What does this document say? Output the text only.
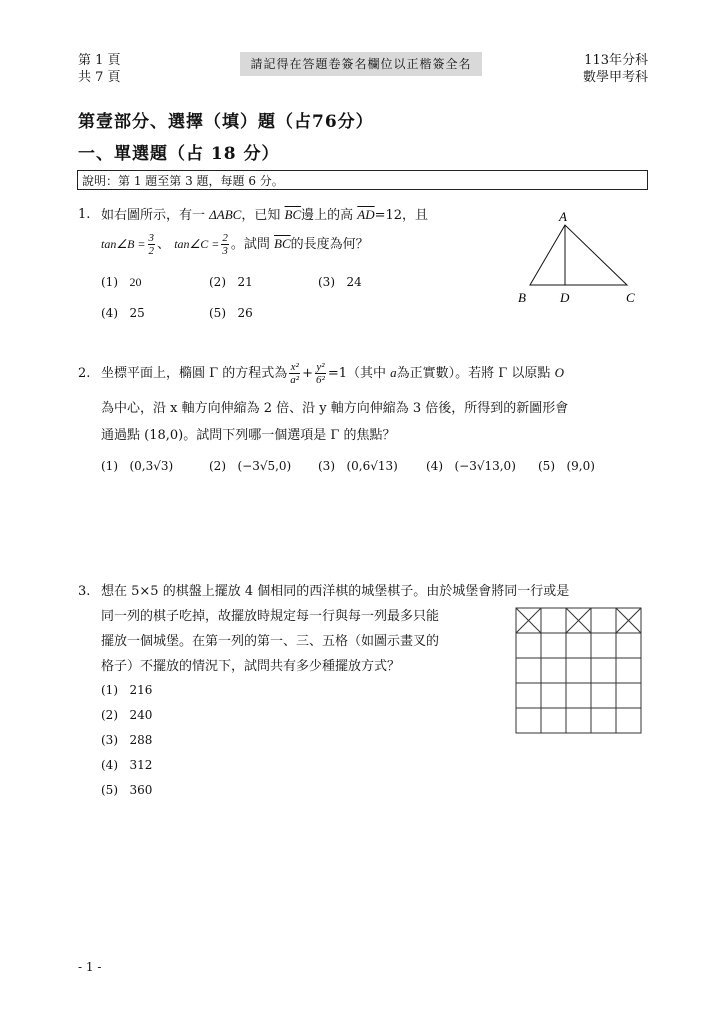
第 1 頁
共 7 頁
請記得在答題卷簽名欄位以正楷簽全名	113年分科
數學甲考科
第壹部分、選擇（填）題（占76分）
一、單選題（占 18 分）
說明：第 1 題至第 3 題，每題 6 分。
1. 如右圖所示，有一 ΔABC，已知 $\overline{BC}$邊上的高 $\overline{AD}=12$，且
tan∠B = $\frac{3}{2}$ 、 tan∠C = $\frac{2}{3}$ 。試問 $\overline{BC}$的長度為何？
(1) 20	(2) 21	(3) 24
(4) 25	(5) 26
A
B	D	C
2. 坐標平面上，橢圓 Γ 的方程式為 $\frac{\text{x²}}{\text{a²}} + \frac{\text{y²}}{\text{6²}} =1$（其中 a為正實數）。若將 Γ 以原點 O
為中心，沿 x 軸方向伸縮為 2 倍、沿 y 軸方向伸縮為 3 倍後，所得到的新圖形會
通過點 (18,0)。試問下列哪一個選項是 Γ 的焦點？
(1) (0,3√3)	(2) (−3√5,0) (3) (0,6√13) (4) (−3√13,0) (5) (9,0)
3. 想在 5×5 的棋盤上擺放 4 個相同的西洋棋的城堡棋子。由於城堡會將同一行或是
同一列的棋子吃掉，故擺放時規定每一行與每一列最多只能
擺放一個城堡。在第一列的第一、三、五格（如圖示畫叉的
格子）不擺放的情況下，試問共有多少種擺放方式？
(1) 216
(2) 240
(3) 288
(4) 312
(5) 360
- 1 -
